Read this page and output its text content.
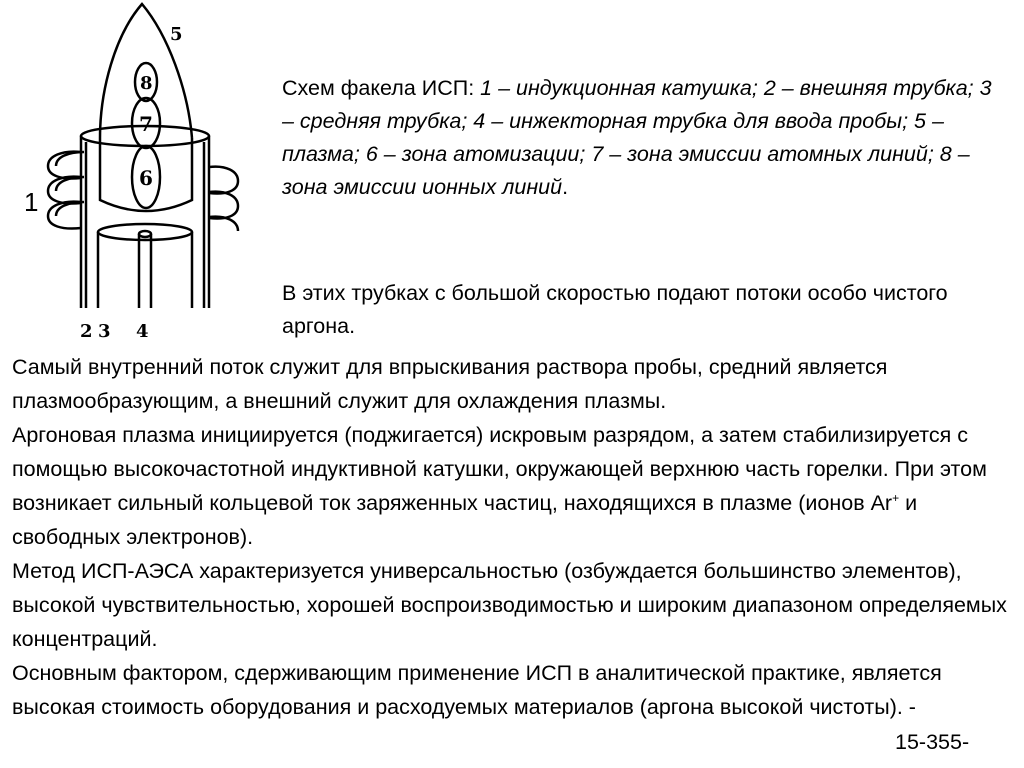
5
8
7
6
1
2 3 4
Схем факела ИСП: 1 – индукционная катушка; 2 – внешняя трубка; 3 – средняя трубка; 4 – инжекторная трубка для ввода пробы; 5 – плазма; 6 – зона атомизации; 7 – зона эмиссии атомных линий; 8 – зона эмиссии ионных линий.
В этих трубках с большой скоростью подают потоки особо чистого аргона.

Самый внутренний поток служит для впрыскивания раствора пробы, средний является плазмообразующим, а внешний служит для охлаждения плазмы.

Аргоновая плазма инициируется (поджигается) искровым разрядом, а затем стабилизируется с помощью высокочастотной индуктивной катушки, окружающей верхнюю часть горелки. При этом возникает сильный кольцевой ток заряженных частиц, находящихся в плазме (ионов Ar+ и свободных электронов).

Метод ИСП-АЭСА характеризуется универсальностью (озбуждается большинство элементов), высокой чувствительностью, хорошей воспроизводимостью и широким диапазоном определяемых концентраций.

Основным фактором, сдерживающим применение ИСП в аналитической практике, является высокая стоимость оборудования и расходуемых материалов (аргона высокой чистоты). -

15-355-
